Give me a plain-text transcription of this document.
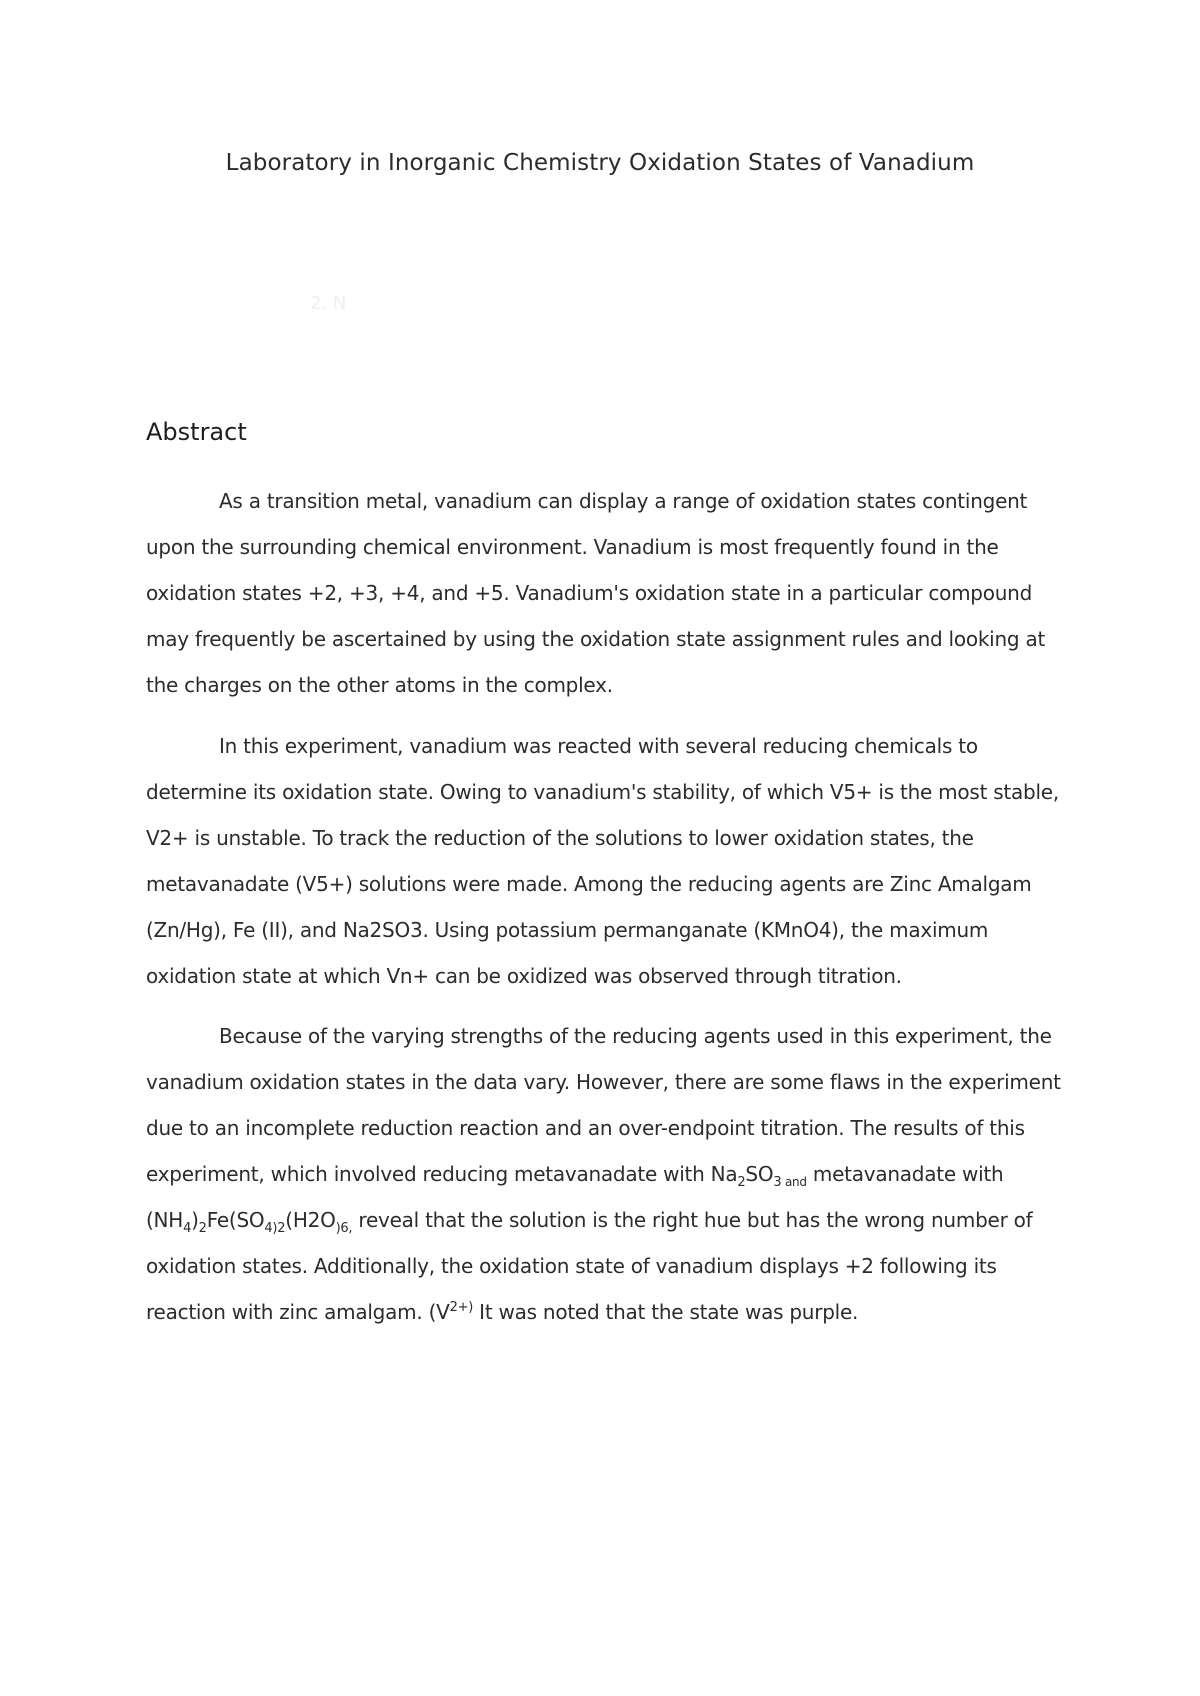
Laboratory in Inorganic Chemistry Oxidation States of Vanadium
2. N
Abstract

As a transition metal, vanadium can display a range of oxidation states contingent upon the surrounding chemical environment. Vanadium is most frequently found in the oxidation states +2, +3, +4, and +5. Vanadium's oxidation state in a particular compound may frequently be ascertained by using the oxidation state assignment rules and looking at the charges on the other atoms in the complex.

In this experiment, vanadium was reacted with several reducing chemicals to determine its oxidation state. Owing to vanadium's stability, of which V5+ is the most stable, V2+ is unstable. To track the reduction of the solutions to lower oxidation states, the metavanadate (V5+) solutions were made. Among the reducing agents are Zinc Amalgam (Zn/Hg), Fe (II), and Na2SO3. Using potassium permanganate (KMnO4), the maximum oxidation state at which Vn+ can be oxidized was observed through titration.

Because of the varying strengths of the reducing agents used in this experiment, the vanadium oxidation states in the data vary. However, there are some flaws in the experiment due to an incomplete reduction reaction and an over-endpoint titration. The results of this experiment, which involved reducing metavanadate with $Na_2SO_3$ $_{and}$ metavanadate with $(NH_4)_2Fe(SO_{4)2}(H2O_{)6,}$ reveal that the solution is the right hue but has the wrong number of oxidation states. Additionally, the oxidation state of vanadium displays +2 following its reaction with zinc amalgam. ($V^{2+)}$ It was noted that the state was purple.
